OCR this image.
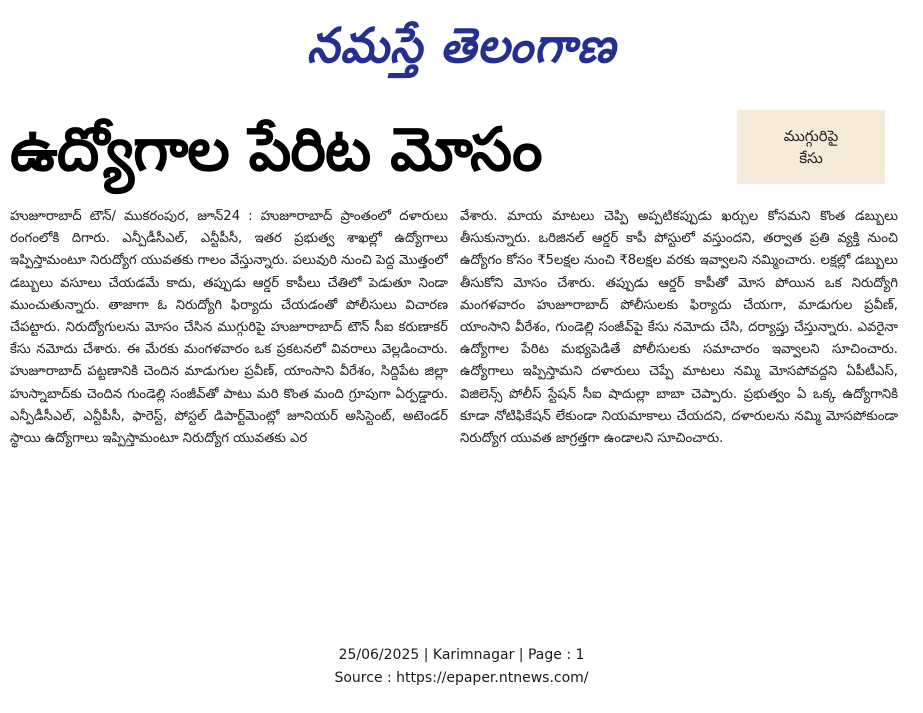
నమస్తే తెలంగాణ
ఉద్యోగాల పేరిట మోసం	ముగ్గురిపై
కేసు

హుజూరాబాద్ టౌన్/ ముకరంపుర, జూన్24 : హుజూరాబాద్ ప్రాంతంలో దళారులు రంగంలోకి దిగారు. ఎన్పీడీసీఎల్, ఎన్టీపీసీ, ఇతర ప్రభుత్వ శాఖల్లో ఉద్యోగాలు ఇప్పిస్తామంటూ నిరుద్యోగ యువతకు గాలం వేస్తున్నారు. పలువురి నుంచి పెద్ద మొత్తంలో డబ్బులు వసూలు చేయడమే కాదు, తప్పుడు ఆర్డర్ కాపీలు చేతిలో పెడుతూ నిండా ముంచుతున్నారు. తాజాగా ఓ నిరుద్యోగి ఫిర్యాదు చేయడంతో పోలీసులు విచారణ చేపట్టారు. నిరుద్యోగులను మోసం చేసిన ముగ్గురిపై హుజూరాబాద్ టౌన్ సీఐ కరుణాకర్ కేసు నమోదు చేశారు. ఈ మేరకు మంగళవారం ఒక ప్రకటనలో వివరాలు వెల్లడించారు. హుజూరాబాద్ పట్టణానికి చెందిన మాడుగుల ప్రవీణ్, యాంసాని వీరేశం, సిద్దిపేట జిల్లా హుస్నాబాద్‌కు చెందిన గుండెల్లి సంజీవ్‌తో పాటు మరి కొంత మంది గ్రూపుగా ఏర్పడ్డారు. ఎన్పీడీసీఎల్, ఎన్టీపీసీ, ఫారెస్ట్, పోస్టల్ డిపార్ట్‌మెంట్లో జూనియర్ అసిస్టెంట్, అటెండర్ స్థాయి ఉద్యోగాలు ఇప్పిస్తామంటూ నిరుద్యోగ యువతకు ఎర

వేశారు. మాయ మాటలు చెప్పి అప్పటికప్పుడు ఖర్చుల కోసమని కొంత డబ్బులు తీసుకున్నారు. ఒరిజినల్ ఆర్డర్ కాపీ పోస్టులో వస్తుందని, తర్వాత ప్రతి వ్యక్తి నుంచి ఉద్యోగం కోసం ₹5లక్షల నుంచి ₹8లక్షల వరకు ఇవ్వాలని నమ్మించారు. లక్షల్లో డబ్బులు తీసుకోని మోసం చేశారు. తప్పుడు ఆర్డర్ కాపీతో మోస పోయిన ఒక నిరుద్యోగి మంగళవారం హుజూరాబాద్ పోలీసులకు ఫిర్యాదు చేయగా, మాడుగుల ప్రవీణ్, యాంసాని వీరేశం, గుండెల్లి సంజీవ్‌పై కేసు నమోదు చేసి, దర్యాప్తు చేస్తున్నారు. ఎవరైనా ఉద్యోగాల పేరిట మభ్యపెడితే పోలీసులకు సమాచారం ఇవ్వాలని సూచించారు. ఉద్యోగాలు ఇప్పిస్తామని దళారులు చెప్పే మాటలు నమ్మి మోసపోవద్దని ఏపీటీఎస్, విజిలెన్స్ పోలీస్ స్టేషన్ సీఐ షాదుల్లా బాబా చెప్పారు. ప్రభుత్వం ఏ ఒక్క ఉద్యోగానికి కూడా నోటిఫికేషన్ లేకుండా నియమాకాలు చేయదని, దళారులను నమ్మి మోసపోకుండా నిరుద్యోగ యువత జాగ్రత్తగా ఉండాలని సూచించారు.

25/06/2025 | Karimnagar | Page : 1
Source : https://epaper.ntnews.com/
